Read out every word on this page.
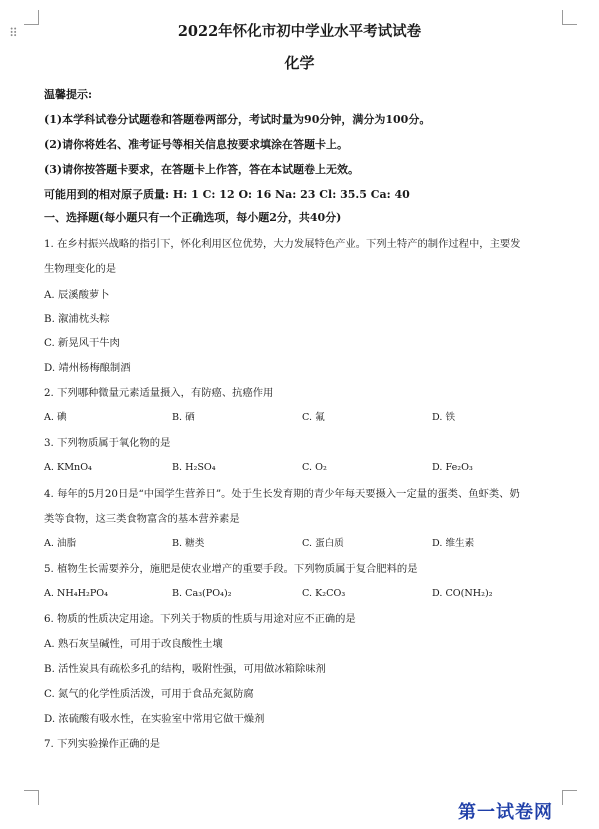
⠿	2022年怀化市初中学业水平考试试卷
化学
温馨提示:
(1)本学科试卷分试题卷和答题卷两部分，考试时量为90分钟，满分为100分。
(2)请你将姓名、准考证号等相关信息按要求填涂在答题卡上。
(3)请你按答题卡要求，在答题卡上作答，答在本试题卷上无效。
可能用到的相对原子质量: H: 1 C: 12 O: 16 Na: 23 Cl: 35.5 Ca: 40
一、选择题(每小题只有一个正确选项，每小题2分，共40分)
1. 在乡村振兴战略的指引下，怀化利用区位优势，大力发展特色产业。下列土特产的制作过程中，主要发
生物理变化的是
A. 辰溪酸萝卜
B. 溆浦枕头粽
C. 新晃风干牛肉
D. 靖州杨梅酿制酒
2. 下列哪种微量元素适量摄入，有防癌、抗癌作用
A. 碘	B. 硒	C. 氟	D. 铁
3. 下列物质属于氧化物的是
A. KMnO₄	B. H₂SO₄	C. O₂	D. Fe₂O₃
4. 每年的5月20日是“中国学生营养日”。处于生长发育期的青少年每天要摄入一定量的蛋类、鱼虾类、奶
类等食物，这三类食物富含的基本营养素是
A. 油脂	B. 糖类	C. 蛋白质	D. 维生素
5. 植物生长需要养分，施肥是使农业增产的重要手段。下列物质属于复合肥料的是
A. NH₄H₂PO₄	B. Ca₃(PO₄)₂	C. K₂CO₃	D. CO(NH₂)₂
6. 物质的性质决定用途。下列关于物质的性质与用途对应不正确的是
A. 熟石灰呈碱性，可用于改良酸性土壤
B. 活性炭具有疏松多孔的结构，吸附性强，可用做冰箱除味剂
C. 氮气的化学性质活泼，可用于食品充氮防腐
D. 浓硫酸有吸水性，在实验室中常用它做干燥剂
7. 下列实验操作正确的是
第一试卷网
